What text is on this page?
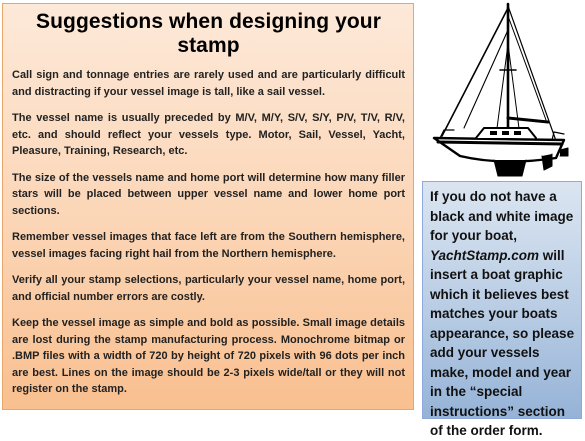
Suggestions when designing your stamp

Call sign and tonnage entries are rarely used and are particularly difficult and distracting if your vessel image is tall, like a sail vessel.

The vessel name is usually preceded by M/V, M/Y, S/V, S/Y, P/V, T/V, R/V, etc. and should reflect your vessels type. Motor, Sail, Vessel, Yacht, Pleasure, Training, Research, etc.

The size of the vessels name and home port will determine how many filler stars will be placed between upper vessel name and lower home port sections.

Remember vessel images that face left are from the Southern hemisphere, vessel images facing right hail from the Northern hemisphere.

Verify all your stamp selections, particularly your vessel name, home port, and official number errors are costly.

Keep the vessel image as simple and bold as possible. Small image details are lost during the stamp manufacturing process. Monochrome bitmap or .BMP files with a width of 720 by height of 720 pixels with 96 dots per inch are best. Lines on the image should be 2-3 pixels wide/tall or they will not register on the stamp.

If you do not have a black and white image for your boat, YachtStamp.com will insert a boat graphic which it believes best matches your boats appearance, so please add your vessels make, model and year in the “special instructions” section of the order form.
